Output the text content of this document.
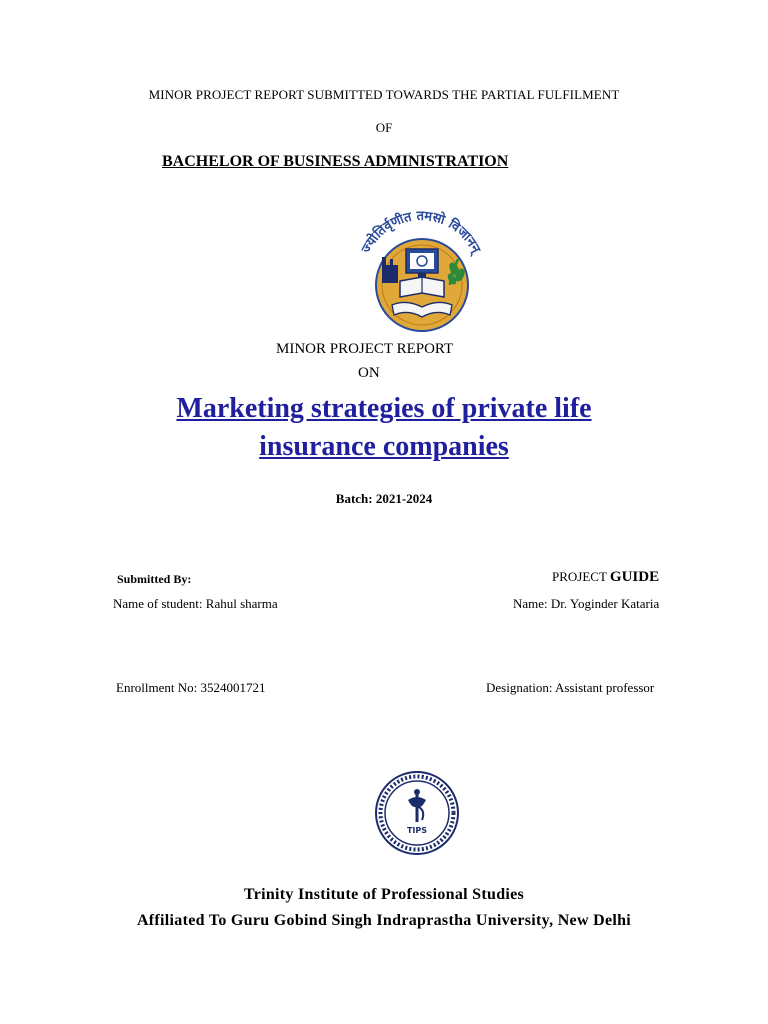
MINOR PROJECT REPORT SUBMITTED TOWARDS THE PARTIAL FULFILMENT
OF
BACHELOR OF BUSINESS ADMINISTRATION
ज्योतिर्वृणीत तमसो विजानन्
MINOR PROJECT REPORT
ON
Marketing strategies of private life
insurance companies
Batch: 2021-2024
Submitted By:	PROJECT GUIDE
Name of student: Rahul sharma	Name: Dr. Yoginder Kataria
Enrollment No: 3524001721	Designation: Assistant professor
TIPS
Trinity Institute of Professional Studies
Affiliated To Guru Gobind Singh Indraprastha University, New Delhi
